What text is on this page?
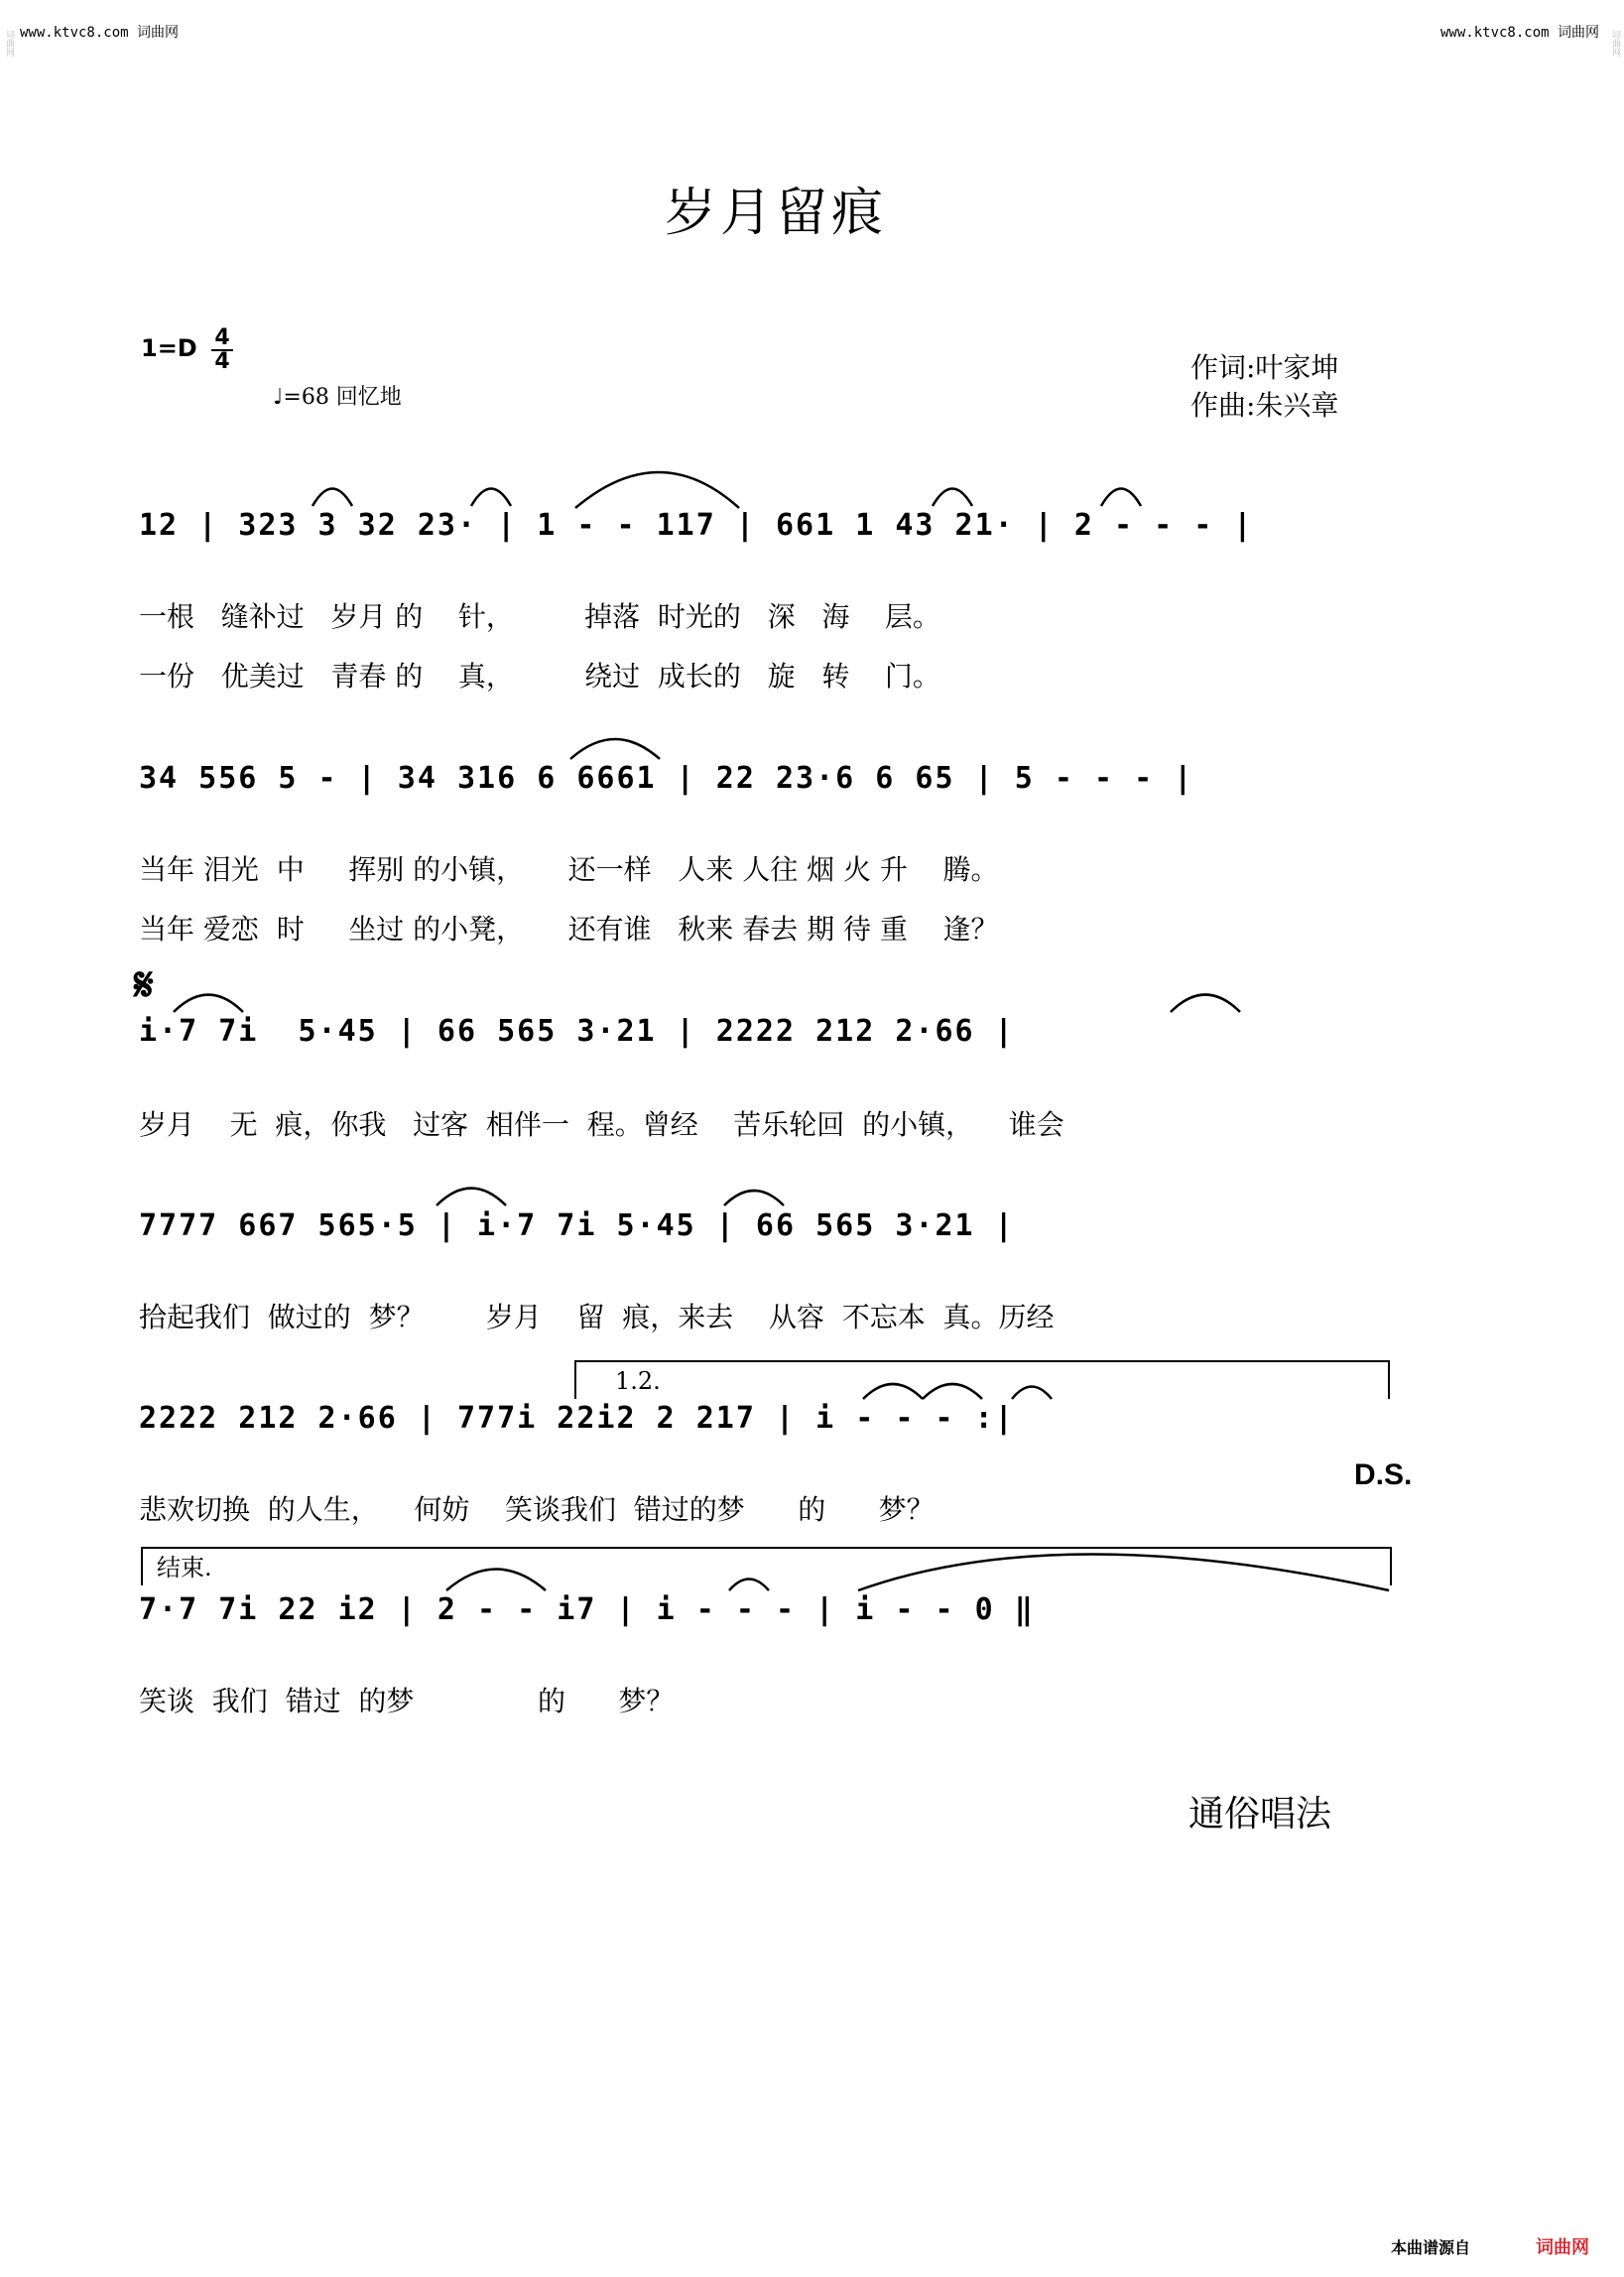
www.ktvc8.com 词曲网	www.ktvc8.com 词曲网
词曲网	词曲网
岁月留痕
1=D 4
4
♩=68 回忆地
作词:叶家坤
作曲:朱兴章
12 | 323 3 32 23· | 1 - - 117 | 661 1 43 21· | 2 - - - |
一根   缝补过   岁月 的    针，        掉落  时光的   深   海    层。
一份   优美过   青春 的    真，        绕过  成长的   旋   转    门。
34 556 5 - | 34 316 6 6661 | 22 23·6 6 65 | 5 - - - |
当年 泪光  中     挥别 的小镇，     还一样   人来 人往 烟 火 升    腾。
当年 爱恋  时     坐过 的小凳，     还有谁   秋来 春去 期 待 重    逢？
𝄋
i·7 7i  5·45 | 66 565 3·21 | 2222 212 2·66 |
岁月    无  痕，你我   过客  相伴一  程。曾经    苦乐轮回  的小镇，    谁会
7777 667 565·5 | i·7 7i 5·45 | 66 565 3·21 |
拾起我们  做过的  梦？       岁月    留  痕，来去    从容  不忘本  真。历经
1.2.
2222 212 2·66 | 777i 22i2 2 217 | i - - - :|
D.S.
悲欢切换  的人生，    何妨    笑谈我们  错过的梦      的      梦？
结束.
7·7 7i 22 i2 | 2 - - i7 | i - - - | i - - 0 ‖
笑谈  我们  错过  的梦              的      梦？
通俗唱法
本曲谱源自	词曲网
